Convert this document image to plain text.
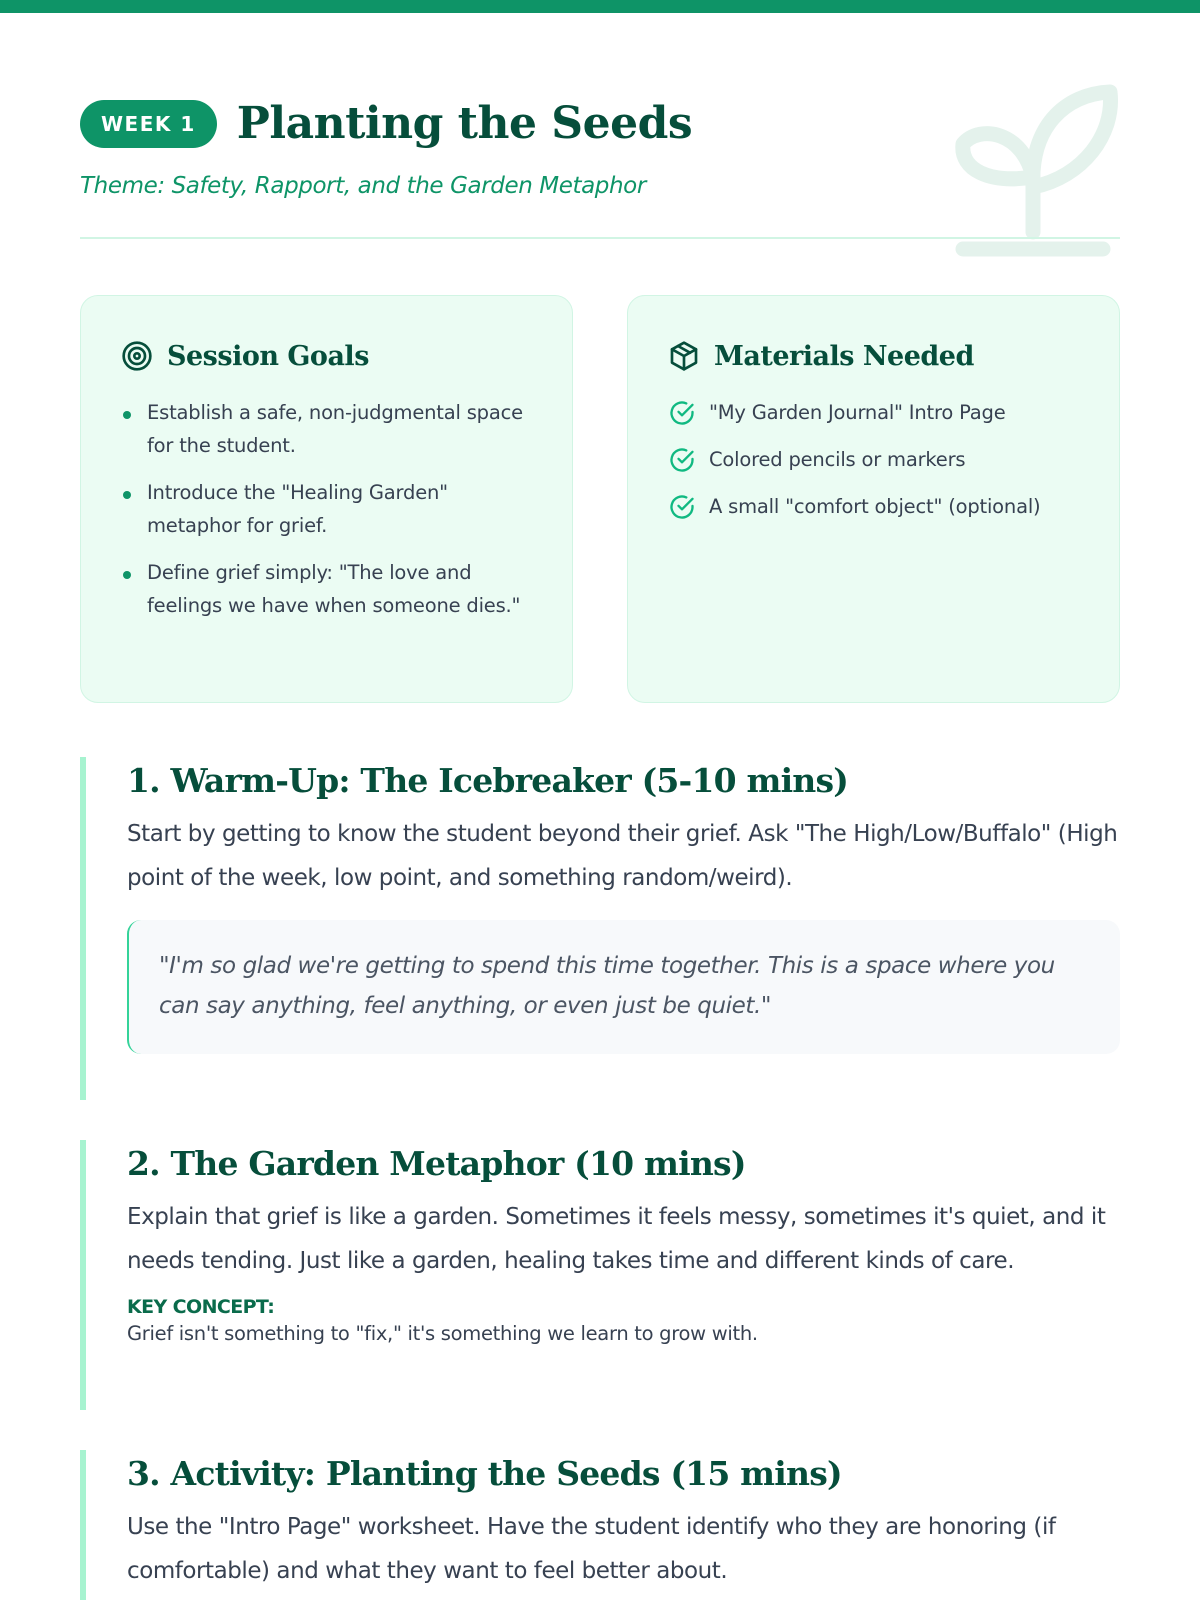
WEEK 1 Planting the Seeds
Theme: Safety, Rapport, and the Garden Metaphor
Session Goals
Establish a safe, non-judgmental space for the student.
Introduce the "Healing Garden" metaphor for grief.
Define grief simply: "The love and feelings we have when someone dies."
Materials Needed
"My Garden Journal" Intro Page
Colored pencils or markers
A small "comfort object" (optional)
1. Warm-Up: The Icebreaker (5-10 mins)

Start by getting to know the student beyond their grief. Ask "The High/Low/Buffalo" (High point of the week, low point, and something random/weird).

"I'm so glad we're getting to spend this time together. This is a space where you can say anything, feel anything, or even just be quiet."
2. The Garden Metaphor (10 mins)

Explain that grief is like a garden. Sometimes it feels messy, sometimes it's quiet, and it needs tending. Just like a garden, healing takes time and different kinds of care.

KEY CONCEPT:
Grief isn't something to "fix," it's something we learn to grow with.
3. Activity: Planting the Seeds (15 mins)

Use the "Intro Page" worksheet. Have the student identify who they are honoring (if comfortable) and what they want to feel better about.
